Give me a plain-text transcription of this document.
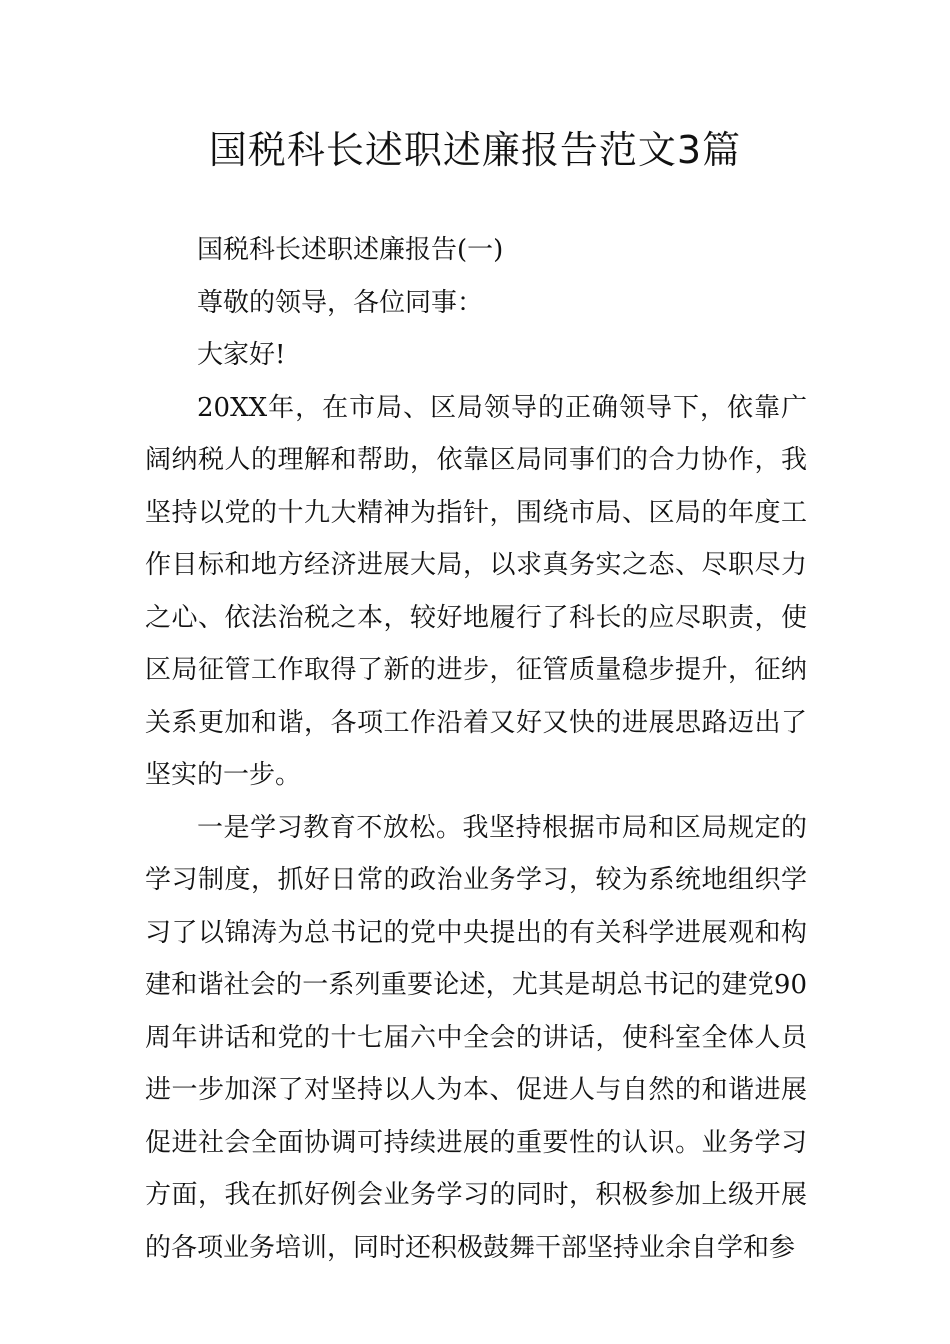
国税科长述职述廉报告范文3篇

国税科长述职述廉报告(一)

尊敬的领导，各位同事：

大家好!

20XX年，在市局、区局领导的正确领导下，依靠广阔纳税人的理解和帮助，依靠区局同事们的合力协作，我坚持以党的十九大精神为指针，围绕市局、区局的年度工作目标和地方经济进展大局，以求真务实之态、尽职尽力之心、依法治税之本，较好地履行了科长的应尽职责，使区局征管工作取得了新的进步，征管质量稳步提升，征纳关系更加和谐，各项工作沿着又好又快的进展思路迈出了坚实的一步。

一是学习教育不放松。我坚持根据市局和区局规定的学习制度，抓好日常的政治业务学习，较为系统地组织学习了以锦涛为总书记的党中央提出的有关科学进展观和构建和谐社会的一系列重要论述，尤其是胡总书记的建党90周年讲话和党的十七届六中全会的讲话，使科室全体人员进一步加深了对坚持以人为本、促进人与自然的和谐进展促进社会全面协调可持续进展的重要性的认识。业务学习方面，我在抓好例会业务学习的同时，积极参加上级开展的各项业务培训，同时还积极鼓舞干部坚持业余自学和参
